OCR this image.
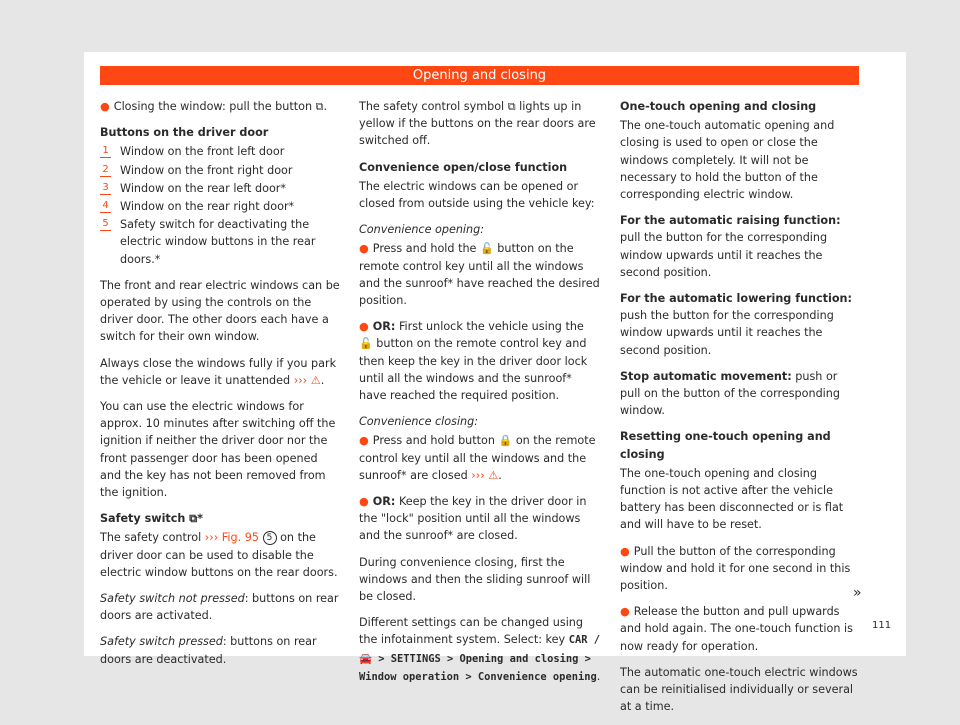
Opening and closing

● Closing the window: pull the button ⧉.

Buttons on the driver door

1 Window on the front left door
2 Window on the front right door
3 Window on the rear left door*
4 Window on the rear right door*
5 Safety switch for deactivating the electric window buttons in the rear doors.*

The front and rear electric windows can be operated by using the controls on the driver door. The other doors each have a switch for their own window.

Always close the windows fully if you park the vehicle or leave it unattended ››› ⚠.

You can use the electric windows for approx. 10 minutes after switching off the ignition if neither the driver door nor the front passenger door has been opened and the key has not been removed from the ignition.

Safety switch ⧉*

The safety control ››› Fig. 95 5 on the driver door can be used to disable the electric window buttons on the rear doors.

Safety switch not pressed: buttons on rear doors are activated.

Safety switch pressed: buttons on rear doors are deactivated.

The safety control symbol ⧉ lights up in yellow if the buttons on the rear doors are switched off.

Convenience open/close function

The electric windows can be opened or closed from outside using the vehicle key:

Convenience opening:

● Press and hold the 🔓 button on the remote control key until all the windows and the sunroof* have reached the desired position.

● OR: First unlock the vehicle using the 🔓 button on the remote control key and then keep the key in the driver door lock until all the windows and the sunroof* have reached the required position.

Convenience closing:

● Press and hold button 🔒 on the remote control key until all the windows and the sunroof* are closed ››› ⚠.

● OR: Keep the key in the driver door in the "lock" position until all the windows and the sunroof* are closed.

During convenience closing, first the windows and then the sliding sunroof will be closed.

Different settings can be changed using the infotainment system. Select: key CAR / 🚘 > SETTINGS > Opening and closing > Window operation > Convenience opening.

One-touch opening and closing

The one-touch automatic opening and closing is used to open or close the windows completely. It will not be necessary to hold the button of the corresponding electric window.

For the automatic raising function: pull the button for the corresponding window upwards until it reaches the second position.

For the automatic lowering function: push the button for the corresponding window upwards until it reaches the second position.

Stop automatic movement: push or pull on the button of the corresponding window.

Resetting one-touch opening and closing

The one-touch opening and closing function is not active after the vehicle battery has been disconnected or is flat and will have to be reset.

● Pull the button of the corresponding window and hold it for one second in this position.

● Release the button and pull upwards and hold again. The one-touch function is now ready for operation.

The automatic one-touch electric windows can be reinitialised individually or several at a time.

»
111
